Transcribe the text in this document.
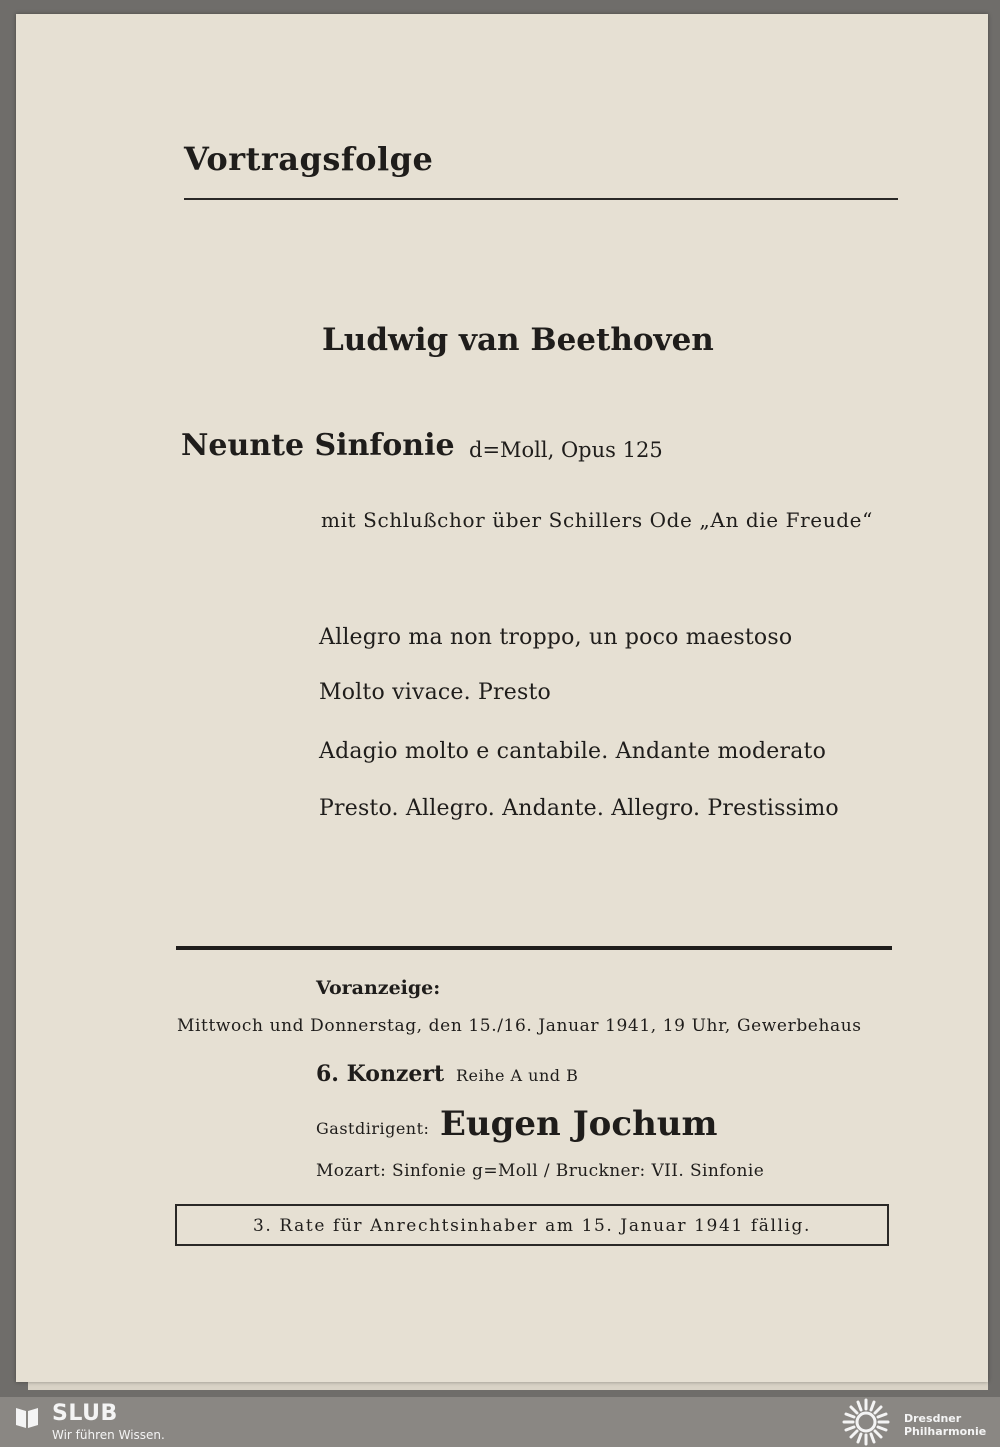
Vortragsfolge
Ludwig van Beethoven
Neunte Sinfonie d=Moll, Opus 125
mit Schlußchor über Schillers Ode „An die Freude“
Allegro ma non troppo, un poco maestoso
Molto vivace. Presto
Adagio molto e cantabile. Andante moderato
Presto. Allegro. Andante. Allegro. Prestissimo
Voranzeige:
Mittwoch und Donnerstag, den 15./16. Januar 1941, 19 Uhr, Gewerbehaus
6. Konzert Reihe A und B
Gastdirigent: Eugen Jochum
Mozart: Sinfonie g=Moll / Bruckner: VII. Sinfonie
3. Rate für Anrechtsinhaber am 15. Januar 1941 fällig.
SLUB
Wir führen Wissen.
Dresdner
Philharmonie
